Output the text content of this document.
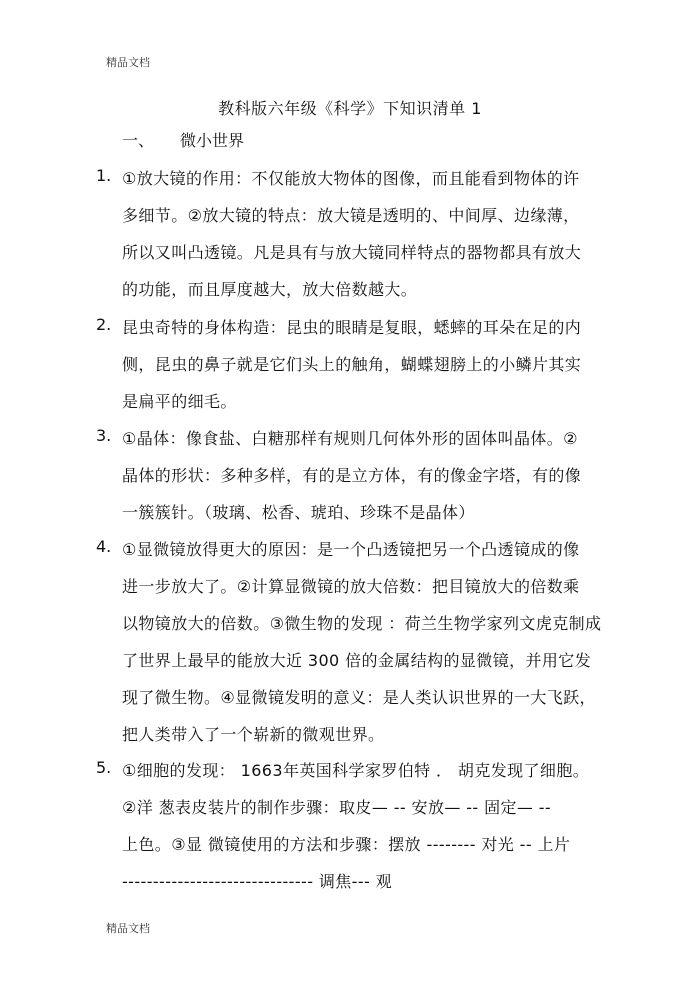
精品文档
教科版六年级《科学》下知识清单 1
一、 微小世界
1. ①放大镜的作用：不仅能放大物体的图像，而且能看到物体的许
多细节。②放大镜的特点：放大镜是透明的、中间厚、边缘薄，
所以又叫凸透镜。凡是具有与放大镜同样特点的器物都具有放大
的功能，而且厚度越大，放大倍数越大。
2. 昆虫奇特的身体构造：昆虫的眼睛是复眼，蟋蟀的耳朵在足的内
侧，昆虫的鼻子就是它们头上的触角，蝴蝶翅膀上的小鳞片其实
是扁平的细毛。
3. ①晶体：像食盐、白糖那样有规则几何体外形的固体叫晶体。②
晶体的形状：多种多样，有的是立方体，有的像金字塔，有的像
一簇簇针。（玻璃、松香、琥珀、珍珠不是晶体）
4. ①显微镜放得更大的原因：是一个凸透镜把另一个凸透镜成的像
进一步放大了。②计算显微镜的放大倍数：把目镜放大的倍数乘
以物镜放大的倍数。③微生物的发现 ：荷兰生物学家列文虎克制成
了世界上最早的能放大近 300 倍的金属结构的显微镜，并用它发
现了微生物。④显微镜发明的意义：是人类认识世界的一大飞跃，
把人类带入了一个崭新的微观世界。
5. ①细胞的发现： 1663年英国科学家罗伯特 ． 胡克发现了细胞。
②洋 葱表皮装片的制作步骤：取皮— -- 安放— -- 固定— --
上色。③显 微镜使用的方法和步骤：摆放 -------- 对光 -- 上片
------------------------------- 调焦--- 观
精品文档
